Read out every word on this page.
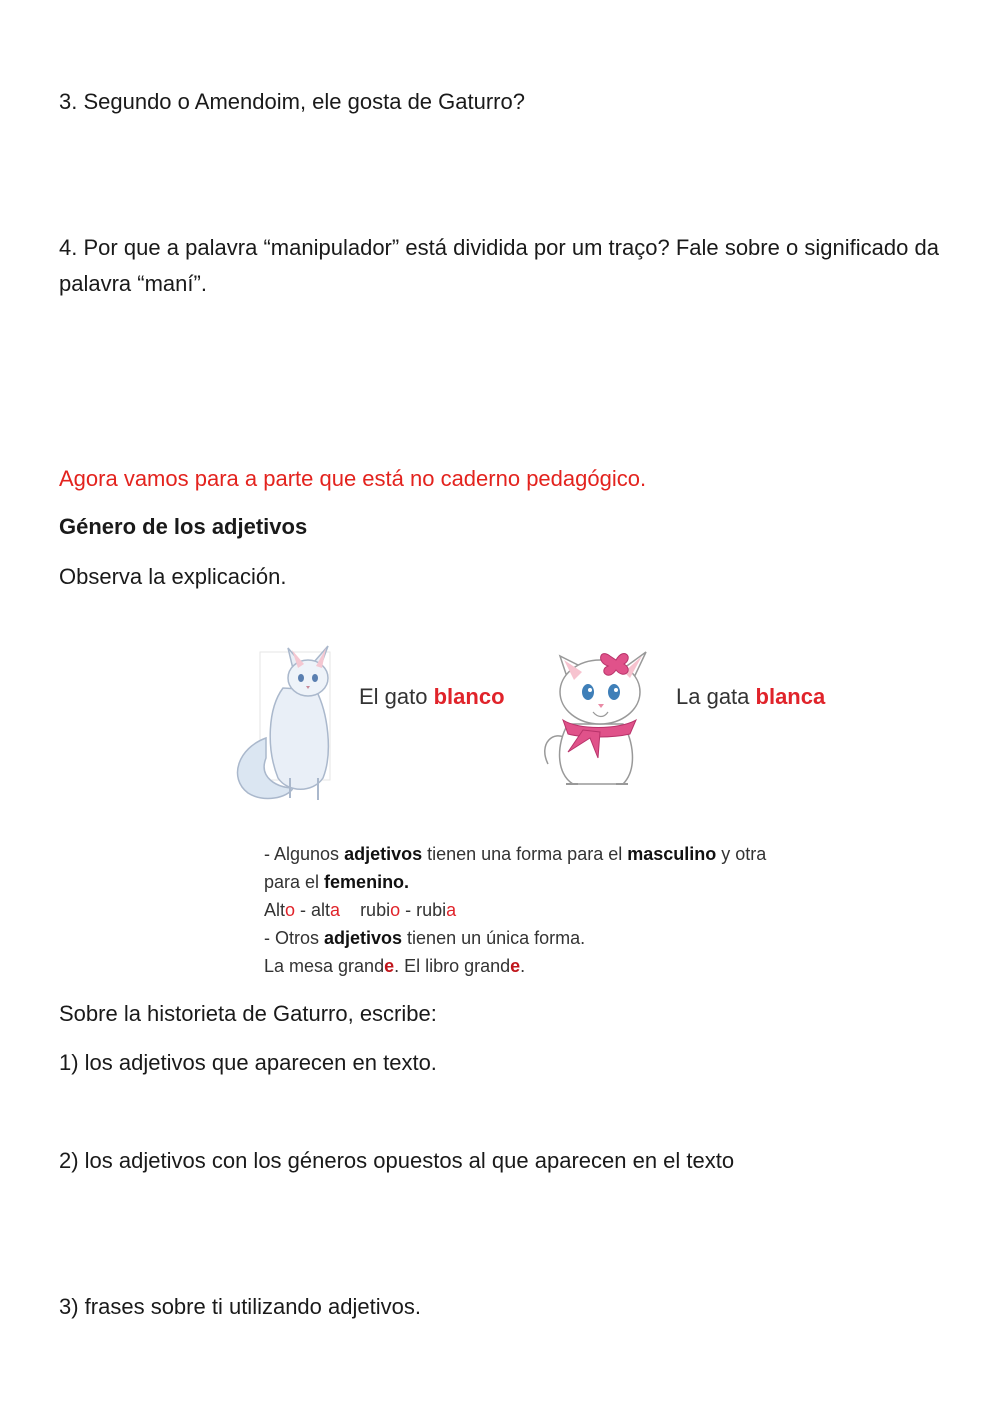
3. Segundo o Amendoim, ele gosta de Gaturro?

4. Por que a palavra “manipulador” está dividida por um traço? Fale sobre o significado da palavra “maní”.

Agora vamos para a parte que está no caderno pedagógico.

Género de los adjetivos

Observa la explicación.

El gato blanco	La gata blanca
- Algunos adjetivos tienen una forma para el masculino y otra
para el femenino.
Alto - alta rubio - rubia
- Otros adjetivos tienen un única forma.
La mesa grande. El libro grande.

Sobre la historieta de Gaturro, escribe:

1) los adjetivos que aparecen en texto.

2) los adjetivos con los géneros opuestos al que aparecen en el texto

3) frases sobre ti utilizando adjetivos.
